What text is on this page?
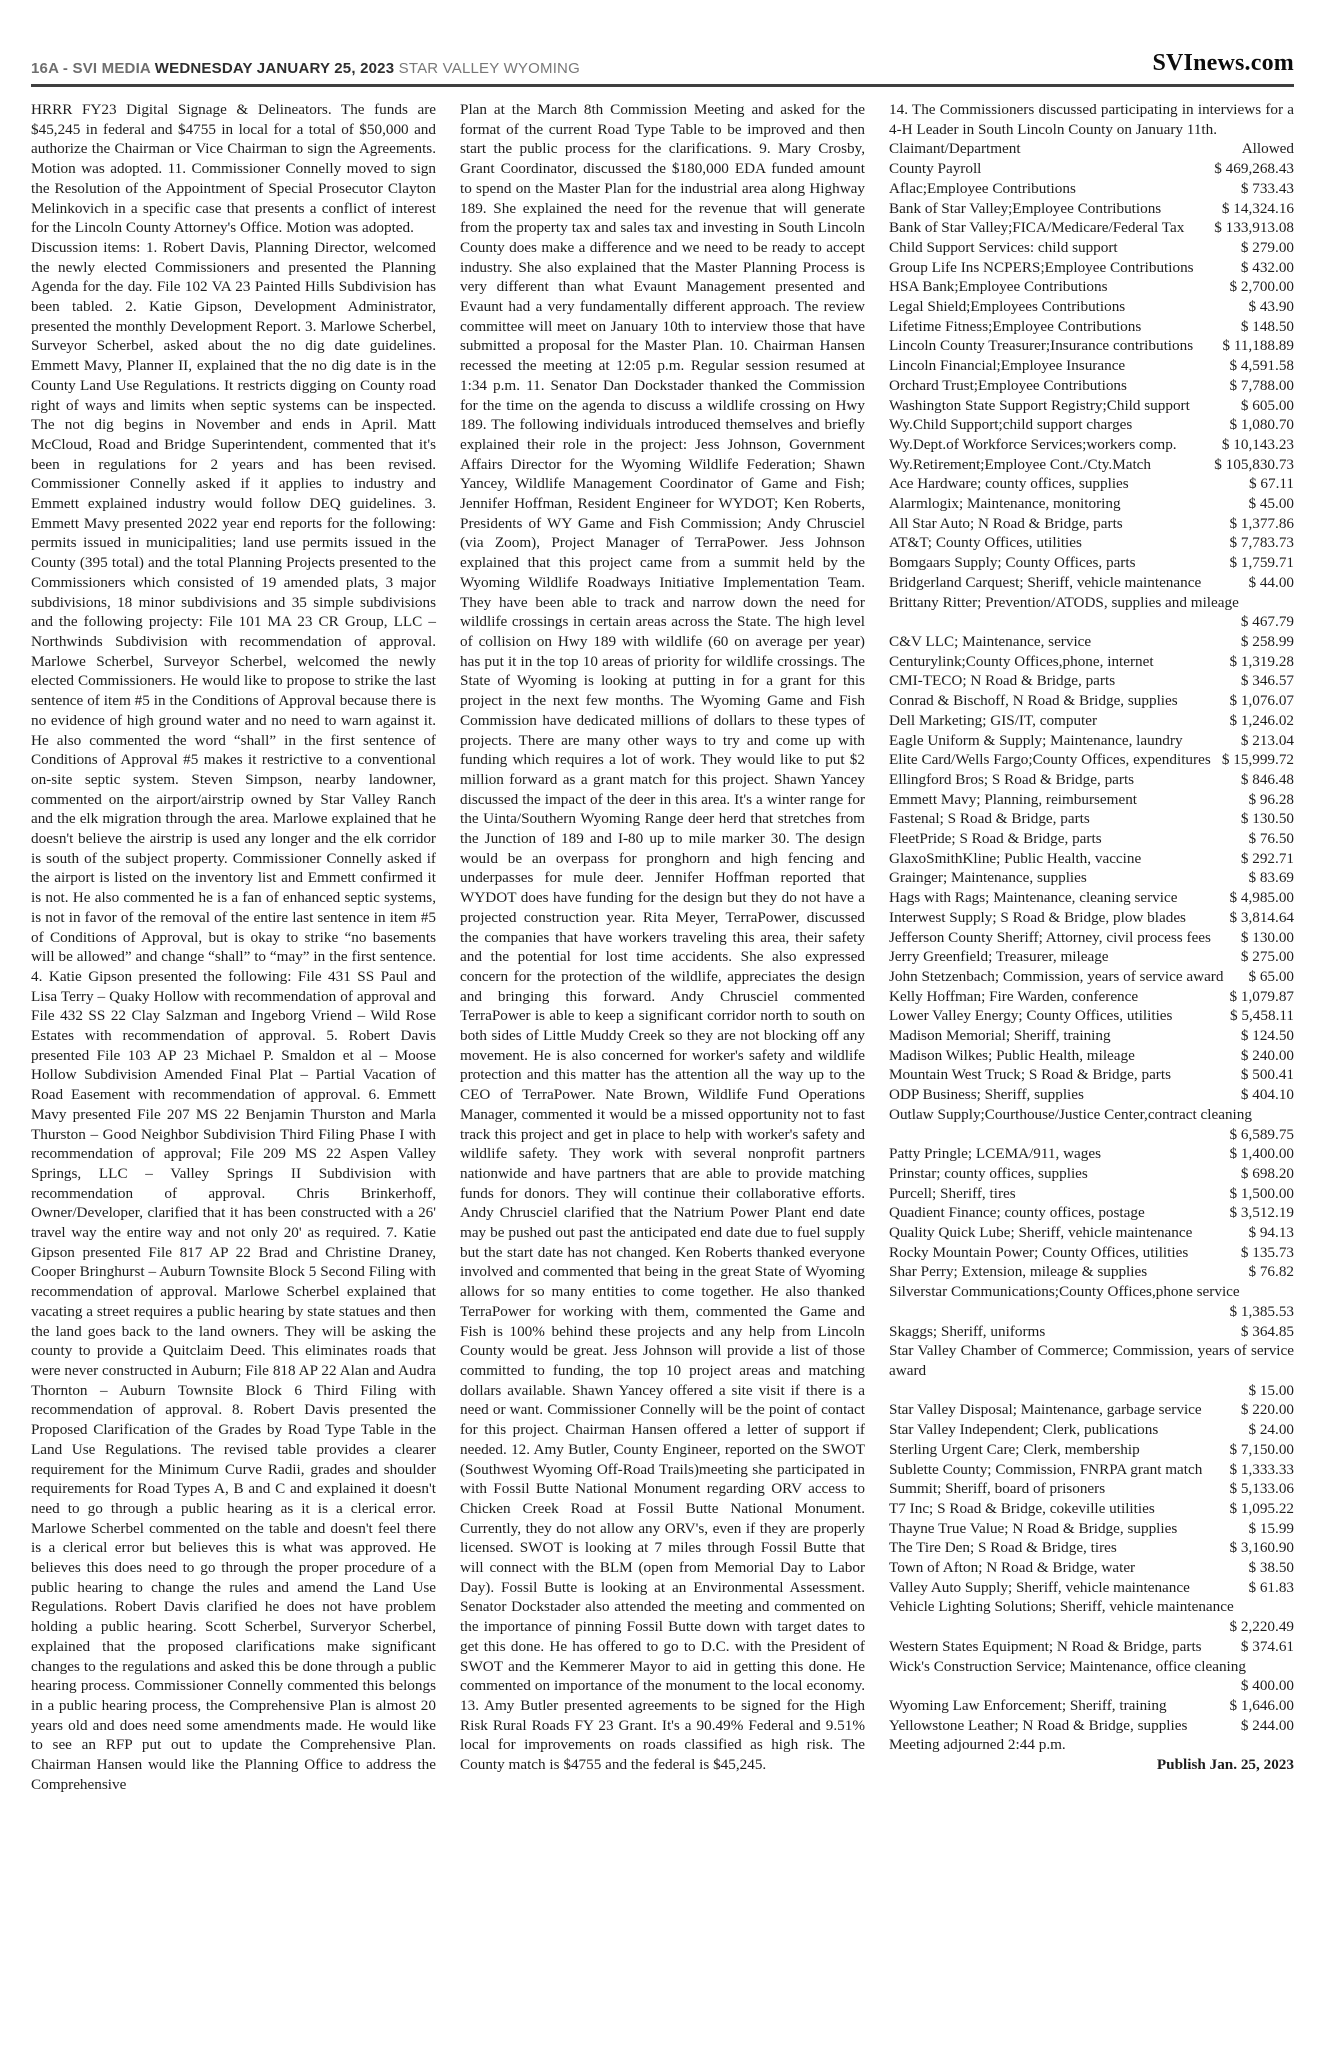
16A - SVI MEDIA WEDNESDAY JANUARY 25, 2023 STAR VALLEY WYOMING	SVInews.com

HRRR FY23 Digital Signage & Delineators. The funds are $45,245 in federal and $4755 in local for a total of $50,000 and authorize the Chairman or Vice Chairman to sign the Agreements. Motion was adopted. 11. Commissioner Connelly moved to sign the Resolution of the Appointment of Special Prosecutor Clayton Melinkovich in a specific case that presents a conflict of interest for the Lincoln County Attorney's Office. Motion was adopted.

Discussion items: 1. Robert Davis, Planning Director, welcomed the newly elected Commissioners and presented the Planning Agenda for the day. File 102 VA 23 Painted Hills Subdivision has been tabled. 2. Katie Gipson, Development Administrator, presented the monthly Development Report. 3. Marlowe Scherbel, Surveyor Scherbel, asked about the no dig date guidelines. Emmett Mavy, Planner II, explained that the no dig date is in the County Land Use Regulations. It restricts digging on County road right of ways and limits when septic systems can be inspected. The not dig begins in November and ends in April. Matt McCloud, Road and Bridge Superintendent, commented that it's been in regulations for 2 years and has been revised. Commissioner Connelly asked if it applies to industry and Emmett explained industry would follow DEQ guidelines. 3. Emmett Mavy presented 2022 year end reports for the following: permits issued in municipalities; land use permits issued in the County (395 total) and the total Planning Projects presented to the Commissioners which consisted of 19 amended plats, 3 major subdivisions, 18 minor subdivisions and 35 simple subdivisions and the following projecty: File 101 MA 23 CR Group, LLC – Northwinds Subdivision with recommendation of approval. Marlowe Scherbel, Surveyor Scherbel, welcomed the newly elected Commissioners. He would like to propose to strike the last sentence of item #5 in the Conditions of Approval because there is no evidence of high ground water and no need to warn against it. He also commented the word “shall” in the first sentence of Conditions of Approval #5 makes it restrictive to a conventional on-site septic system. Steven Simpson, nearby landowner, commented on the airport/airstrip owned by Star Valley Ranch and the elk migration through the area. Marlowe explained that he doesn't believe the airstrip is used any longer and the elk corridor is south of the subject property. Commissioner Connelly asked if the airport is listed on the inventory list and Emmett confirmed it is not. He also commented he is a fan of enhanced septic systems, is not in favor of the removal of the entire last sentence in item #5 of Conditions of Approval, but is okay to strike “no basements will be allowed” and change “shall” to “may” in the first sentence. 4. Katie Gipson presented the following: File 431 SS Paul and Lisa Terry – Quaky Hollow with recommendation of approval and File 432 SS 22 Clay Salzman and Ingeborg Vriend – Wild Rose Estates with recommendation of approval. 5. Robert Davis presented File 103 AP 23 Michael P. Smaldon et al – Moose Hollow Subdivision Amended Final Plat – Partial Vacation of Road Easement with recommendation of approval. 6. Emmett Mavy presented File 207 MS 22 Benjamin Thurston and Marla Thurston – Good Neighbor Subdivision Third Filing Phase I with recommendation of approval; File 209 MS 22 Aspen Valley Springs, LLC – Valley Springs II Subdivision with recommendation of approval. Chris Brinkerhoff, Owner/Developer, clarified that it has been constructed with a 26' travel way the entire way and not only 20' as required. 7. Katie Gipson presented File 817 AP 22 Brad and Christine Draney, Cooper Bringhurst – Auburn Townsite Block 5 Second Filing with recommendation of approval. Marlowe Scherbel explained that vacating a street requires a public hearing by state statues and then the land goes back to the land owners. They will be asking the county to provide a Quitclaim Deed. This eliminates roads that were never constructed in Auburn; File 818 AP 22 Alan and Audra Thornton – Auburn Townsite Block 6 Third Filing with recommendation of approval. 8. Robert Davis presented the Proposed Clarification of the Grades by Road Type Table in the Land Use Regulations. The revised table provides a clearer requirement for the Minimum Curve Radii, grades and shoulder requirements for Road Types A, B and C and explained it doesn't need to go through a public hearing as it is a clerical error. Marlowe Scherbel commented on the table and doesn't feel there is a clerical error but believes this is what was approved. He believes this does need to go through the proper procedure of a public hearing to change the rules and amend the Land Use Regulations. Robert Davis clarified he does not have problem holding a public hearing. Scott Scherbel, Surveryor Scherbel, explained that the proposed clarifications make significant changes to the regulations and asked this be done through a public hearing process. Commissioner Connelly commented this belongs in a public hearing process, the Comprehensive Plan is almost 20 years old and does need some amendments made. He would like to see an RFP put out to update the Comprehensive Plan. Chairman Hansen would like the Planning Office to address the Comprehensive

Plan at the March 8th Commission Meeting and asked for the format of the current Road Type Table to be improved and then start the public process for the clarifications. 9. Mary Crosby, Grant Coordinator, discussed the $180,000 EDA funded amount to spend on the Master Plan for the industrial area along Highway 189. She explained the need for the revenue that will generate from the property tax and sales tax and investing in South Lincoln County does make a difference and we need to be ready to accept industry. She also explained that the Master Planning Process is very different than what Evaunt Management presented and Evaunt had a very fundamentally different approach. The review committee will meet on January 10th to interview those that have submitted a proposal for the Master Plan. 10. Chairman Hansen recessed the meeting at 12:05 p.m. Regular session resumed at 1:34 p.m. 11. Senator Dan Dockstader thanked the Commission for the time on the agenda to discuss a wildlife crossing on Hwy 189. The following individuals introduced themselves and briefly explained their role in the project: Jess Johnson, Government Affairs Director for the Wyoming Wildlife Federation; Shawn Yancey, Wildlife Management Coordinator of Game and Fish; Jennifer Hoffman, Resident Engineer for WYDOT; Ken Roberts, Presidents of WY Game and Fish Commission; Andy Chrusciel (via Zoom), Project Manager of TerraPower. Jess Johnson explained that this project came from a summit held by the Wyoming Wildlife Roadways Initiative Implementation Team. They have been able to track and narrow down the need for wildlife crossings in certain areas across the State. The high level of collision on Hwy 189 with wildlife (60 on average per year) has put it in the top 10 areas of priority for wildlife crossings. The State of Wyoming is looking at putting in for a grant for this project in the next few months. The Wyoming Game and Fish Commission have dedicated millions of dollars to these types of projects. There are many other ways to try and come up with funding which requires a lot of work. They would like to put $2 million forward as a grant match for this project. Shawn Yancey discussed the impact of the deer in this area. It's a winter range for the Uinta/Southern Wyoming Range deer herd that stretches from the Junction of 189 and I-80 up to mile marker 30. The design would be an overpass for pronghorn and high fencing and underpasses for mule deer. Jennifer Hoffman reported that WYDOT does have funding for the design but they do not have a projected construction year. Rita Meyer, TerraPower, discussed the companies that have workers traveling this area, their safety and the potential for lost time accidents. She also expressed concern for the protection of the wildlife, appreciates the design and bringing this forward. Andy Chrusciel commented TerraPower is able to keep a significant corridor north to south on both sides of Little Muddy Creek so they are not blocking off any movement. He is also concerned for worker's safety and wildlife protection and this matter has the attention all the way up to the CEO of TerraPower. Nate Brown, Wildlife Fund Operations Manager, commented it would be a missed opportunity not to fast track this project and get in place to help with worker's safety and wildlife safety. They work with several nonprofit partners nationwide and have partners that are able to provide matching funds for donors. They will continue their collaborative efforts. Andy Chrusciel clarified that the Natrium Power Plant end date may be pushed out past the anticipated end date due to fuel supply but the start date has not changed. Ken Roberts thanked everyone involved and commented that being in the great State of Wyoming allows for so many entities to come together. He also thanked TerraPower for working with them, commented the Game and Fish is 100% behind these projects and any help from Lincoln County would be great. Jess Johnson will provide a list of those committed to funding, the top 10 project areas and matching dollars available. Shawn Yancey offered a site visit if there is a need or want. Commissioner Connelly will be the point of contact for this project. Chairman Hansen offered a letter of support if needed. 12. Amy Butler, County Engineer, reported on the SWOT (Southwest Wyoming Off-Road Trails)meeting she participated in with Fossil Butte National Monument regarding ORV access to Chicken Creek Road at Fossil Butte National Monument. Currently, they do not allow any ORV's, even if they are properly licensed. SWOT is looking at 7 miles through Fossil Butte that will connect with the BLM (open from Memorial Day to Labor Day). Fossil Butte is looking at an Environmental Assessment. Senator Dockstader also attended the meeting and commented on the importance of pinning Fossil Butte down with target dates to get this done. He has offered to go to D.C. with the President of SWOT and the Kemmerer Mayor to aid in getting this done. He commented on importance of the monument to the local economy. 13. Amy Butler presented agreements to be signed for the High Risk Rural Roads FY 23 Grant. It's a 90.49% Federal and 9.51% local for improvements on roads classified as high risk. The County match is $4755 and the federal is $45,245.

14. The Commissioners discussed participating in interviews for a 4-H Leader in South Lincoln County on January 11th.

Claimant/Department	Allowed
County Payroll	$ 469,268.43
Aflac;Employee Contributions	$ 733.43
Bank of Star Valley;Employee Contributions	$ 14,324.16
Bank of Star Valley;FICA/Medicare/Federal Tax	$ 133,913.08
Child Support Services: child support	$ 279.00
Group Life Ins NCPERS;Employee Contributions	$ 432.00
HSA Bank;Employee Contributions	$ 2,700.00
Legal Shield;Employees Contributions	$ 43.90
Lifetime Fitness;Employee Contributions	$ 148.50
Lincoln County Treasurer;Insurance contributions	$ 11,188.89
Lincoln Financial;Employee Insurance	$ 4,591.58
Orchard Trust;Employee Contributions	$ 7,788.00
Washington State Support Registry;Child support	$ 605.00
Wy.Child Support;child support charges	$ 1,080.70
Wy.Dept.of Workforce Services;workers comp.	$ 10,143.23
Wy.Retirement;Employee Cont./Cty.Match	$ 105,830.73
Ace Hardware; county offices, supplies	$ 67.11
Alarmlogix; Maintenance, monitoring	$ 45.00
All Star Auto; N Road & Bridge, parts	$ 1,377.86
AT&T; County Offices, utilities	$ 7,783.73
Bomgaars Supply; County Offices, parts	$ 1,759.71
Bridgerland Carquest; Sheriff, vehicle maintenance	$ 44.00
Brittany Ritter; Prevention/ATODS, supplies and mileage
$ 467.79
C&V LLC; Maintenance, service	$ 258.99
Centurylink;County Offices,phone, internet	$ 1,319.28
CMI-TECO; N Road & Bridge, parts	$ 346.57
Conrad & Bischoff, N Road & Bridge, supplies	$ 1,076.07
Dell Marketing; GIS/IT, computer	$ 1,246.02
Eagle Uniform & Supply; Maintenance, laundry	$ 213.04
Elite Card/Wells Fargo;County Offices, expenditures $ 15,999.72
Ellingford Bros; S Road & Bridge, parts	$ 846.48
Emmett Mavy; Planning, reimbursement	$ 96.28
Fastenal; S Road & Bridge, parts	$ 130.50
FleetPride; S Road & Bridge, parts	$ 76.50
GlaxoSmithKline; Public Health, vaccine	$ 292.71
Grainger; Maintenance, supplies	$ 83.69
Hags with Rags; Maintenance, cleaning service	$ 4,985.00
Interwest Supply; S Road & Bridge, plow blades	$ 3,814.64
Jefferson County Sheriff; Attorney, civil process fees	$ 130.00
Jerry Greenfield; Treasurer, mileage	$ 275.00
John Stetzenbach; Commission, years of service award	$ 65.00
Kelly Hoffman; Fire Warden, conference	$ 1,079.87
Lower Valley Energy; County Offices, utilities	$ 5,458.11
Madison Memorial; Sheriff, training	$ 124.50
Madison Wilkes; Public Health, mileage	$ 240.00
Mountain West Truck; S Road & Bridge, parts	$ 500.41
ODP Business; Sheriff, supplies	$ 404.10
Outlaw Supply;Courthouse/Justice Center,contract cleaning
$ 6,589.75
Patty Pringle; LCEMA/911, wages	$ 1,400.00
Prinstar; county offices, supplies	$ 698.20
Purcell; Sheriff, tires	$ 1,500.00
Quadient Finance; county offices, postage	$ 3,512.19
Quality Quick Lube; Sheriff, vehicle maintenance	$ 94.13
Rocky Mountain Power; County Offices, utilities	$ 135.73
Shar Perry; Extension, mileage & supplies	$ 76.82
Silverstar Communications;County Offices,phone service
$ 1,385.53
Skaggs; Sheriff, uniforms	$ 364.85
Star Valley Chamber of Commerce; Commission, years of service award
$ 15.00
Star Valley Disposal; Maintenance, garbage service	$ 220.00
Star Valley Independent; Clerk, publications	$ 24.00
Sterling Urgent Care; Clerk, membership	$ 7,150.00
Sublette County; Commission, FNRPA grant match	$ 1,333.33
Summit; Sheriff, board of prisoners	$ 5,133.06
T7 Inc; S Road & Bridge, cokeville utilities	$ 1,095.22
Thayne True Value; N Road & Bridge, supplies	$ 15.99
The Tire Den; S Road & Bridge, tires	$ 3,160.90
Town of Afton; N Road & Bridge, water	$ 38.50
Valley Auto Supply; Sheriff, vehicle maintenance	$ 61.83
Vehicle Lighting Solutions; Sheriff, vehicle maintenance
$ 2,220.49
Western States Equipment; N Road & Bridge, parts	$ 374.61
Wick's Construction Service; Maintenance, office cleaning
$ 400.00
Wyoming Law Enforcement; Sheriff, training	$ 1,646.00
Yellowstone Leather; N Road & Bridge, supplies	$ 244.00

Meeting adjourned 2:44 p.m.

Publish Jan. 25, 2023
